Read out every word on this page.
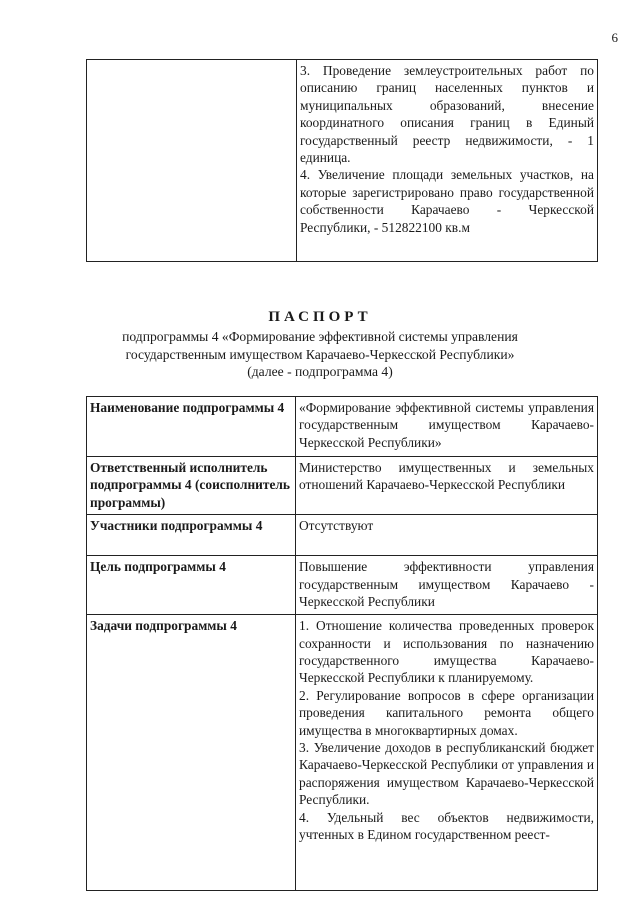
6

3. Проведение землеустроительных работ по описанию границ населенных пунктов и муниципальных образований, внесение координатного описания границ в Единый государственный реестр недвижимости, - 1 единица.

4. Увеличение площади земельных участков, на которые зарегистрировано право государственной собственности Карачаево - Черкесской Республики, - 512822100 кв.м

ПАСПОРТ
подпрограммы 4 «Формирование эффективной системы управления
государственным имуществом Карачаево-Черкесской Республики»
(далее - подпрограмма 4)
Наименование подпрограммы 4	«Формирование эффективной системы управления государственным имуществом Карачаево-Черкесской Республики»

Ответственный исполнитель подпрограммы 4 (соисполнитель программы)	Министерство имущественных и земельных отношений Карачаево-Черкесской Республики

Участники подпрограммы 4	Отсутствуют

Цель подпрограммы 4	Повышение эффективности управления государственным имуществом Карачаево - Черкесской Республики

Задачи подпрограммы 4	1. Отношение количества проведенных проверок сохранности и использования по назначению государственного имущества Карачаево-Черкесской Республики к планируемому.

2. Регулирование вопросов в сфере организации проведения капитального ремонта общего имущества в многоквартирных домах.

3. Увеличение доходов в республиканский бюджет Карачаево-Черкесской Республики от управления и распоряжения имуществом Карачаево-Черкесской Республики.

4. Удельный вес объектов недвижимости, учтенных в Едином государственном реест-
